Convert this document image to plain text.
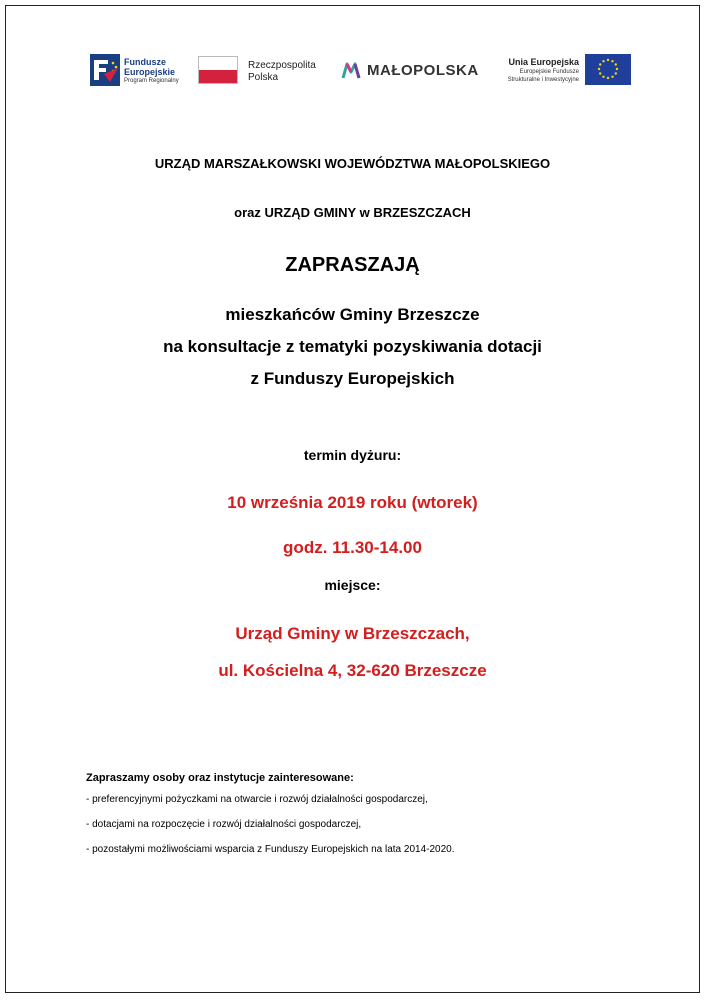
Fundusze
Europejskie
Program Regionalny
Rzeczpospolita
Polska	MAŁOPOLSKA	Unia Europejska
Europejskie Fundusze
Strukturalne i Inwestycyjne
URZĄD MARSZAŁKOWSKI WOJEWÓDZTWA MAŁOPOLSKIEGO
oraz URZĄD GMINY w BRZESZCZACH
ZAPRASZAJĄ
mieszkańców Gminy Brzeszcze
na konsultacje z tematyki pozyskiwania dotacji
z Funduszy Europejskich
termin dyżuru:
10 września 2019 roku (wtorek)
godz. 11.30-14.00
miejsce:
Urząd Gminy w Brzeszczach,
ul. Kościelna 4, 32-620 Brzeszcze
Zapraszamy osoby oraz instytucje zainteresowane:
- preferencyjnymi pożyczkami na otwarcie i rozwój działalności gospodarczej,
- dotacjami na rozpoczęcie i rozwój działalności gospodarczej,
- pozostałymi możliwościami wsparcia z Funduszy Europejskich na lata 2014-2020.
